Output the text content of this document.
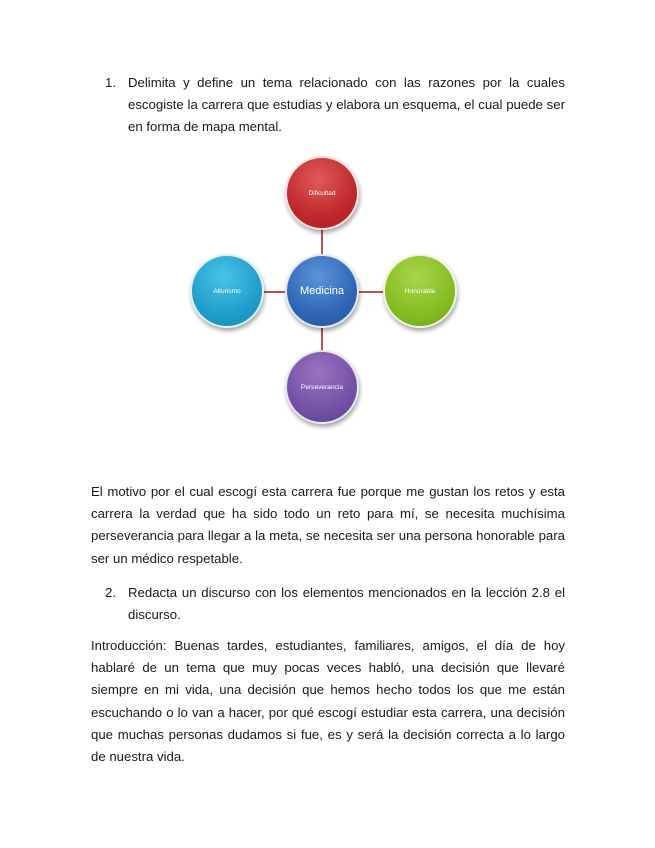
1. Delimita y define un tema relacionado con las razones por la cuales escogiste la carrera que estudias y elabora un esquema, el cual puede ser en forma de mapa mental.
Dificultad
Alturismo	Medicina	Honorable
Perseverancia
El motivo por el cual escogí esta carrera fue porque me gustan los retos y esta carrera la verdad que ha sido todo un reto para mí, se necesita muchísima perseverancia para llegar a la meta, se necesita ser una persona honorable para ser un médico respetable.
2. Redacta un discurso con los elementos mencionados en la lección 2.8 el discurso.
Introducción: Buenas tardes, estudiantes, familiares, amigos, el día de hoy hablaré de un tema que muy pocas veces habló, una decisión que llevaré siempre en mi vida, una decisión que hemos hecho todos los que me están escuchando o lo van a hacer, por qué escogí estudiar esta carrera, una decisión que muchas personas dudamos si fue, es y será la decisión correcta a lo largo de nuestra vida.
